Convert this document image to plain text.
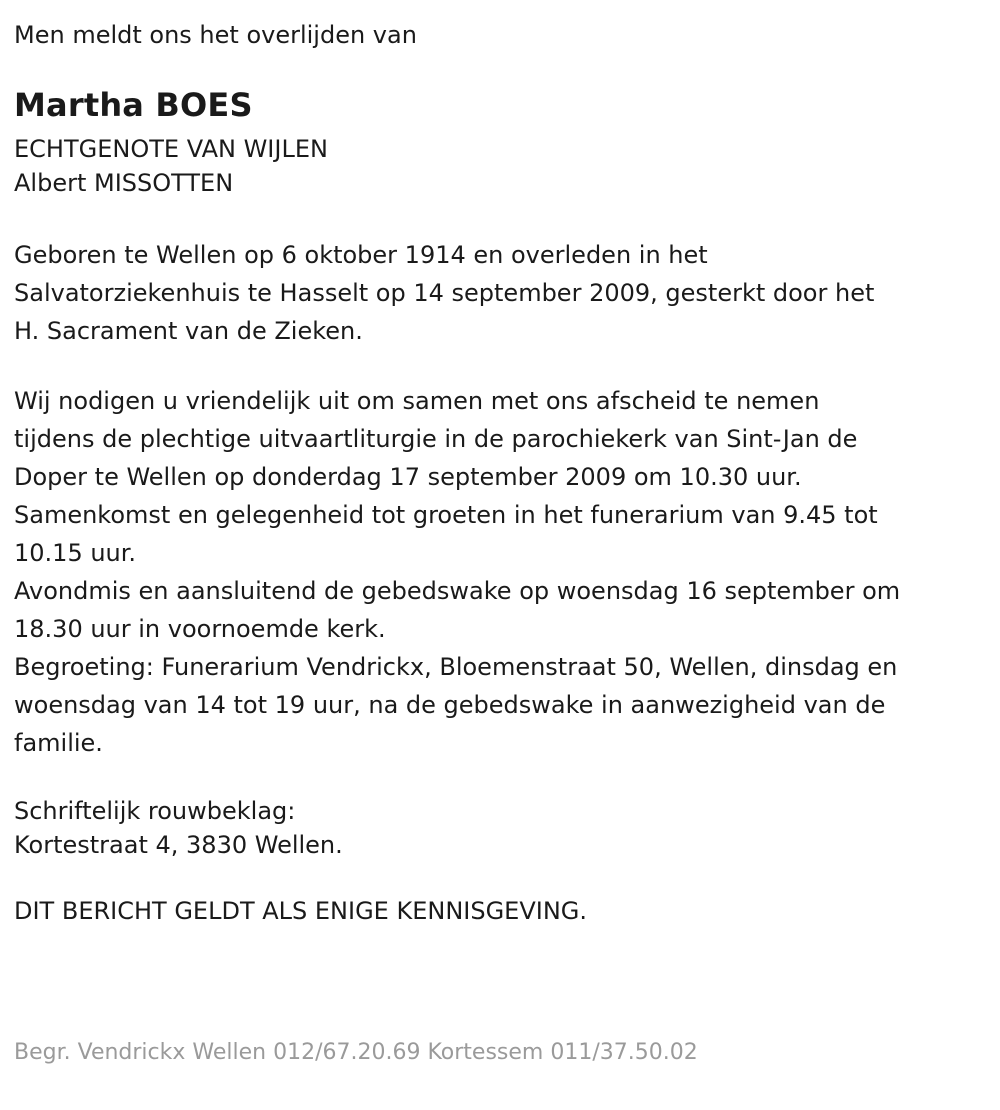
Men meldt ons het overlijden van

Martha BOES

ECHTGENOTE VAN WIJLEN

Albert MISSOTTEN

Geboren te Wellen op 6 oktober 1914 en overleden in het
Salvatorziekenhuis te Hasselt op 14 september 2009, gesterkt door het
H. Sacrament van de Zieken.

Wij nodigen u vriendelijk uit om samen met ons afscheid te nemen
tijdens de plechtige uitvaartliturgie in de parochiekerk van Sint-Jan de
Doper te Wellen op donderdag 17 september 2009 om 10.30 uur.
Samenkomst en gelegenheid tot groeten in het funerarium van 9.45 tot
10.15 uur.
Avondmis en aansluitend de gebedswake op woensdag 16 september om
18.30 uur in voornoemde kerk.
Begroeting: Funerarium Vendrickx, Bloemenstraat 50, Wellen, dinsdag en
woensdag van 14 tot 19 uur, na de gebedswake in aanwezigheid van de
familie.

Schriftelijk rouwbeklag:

Kortestraat 4, 3830 Wellen.

DIT BERICHT GELDT ALS ENIGE KENNISGEVING.

Begr. Vendrickx Wellen 012/67.20.69 Kortessem 011/37.50.02
